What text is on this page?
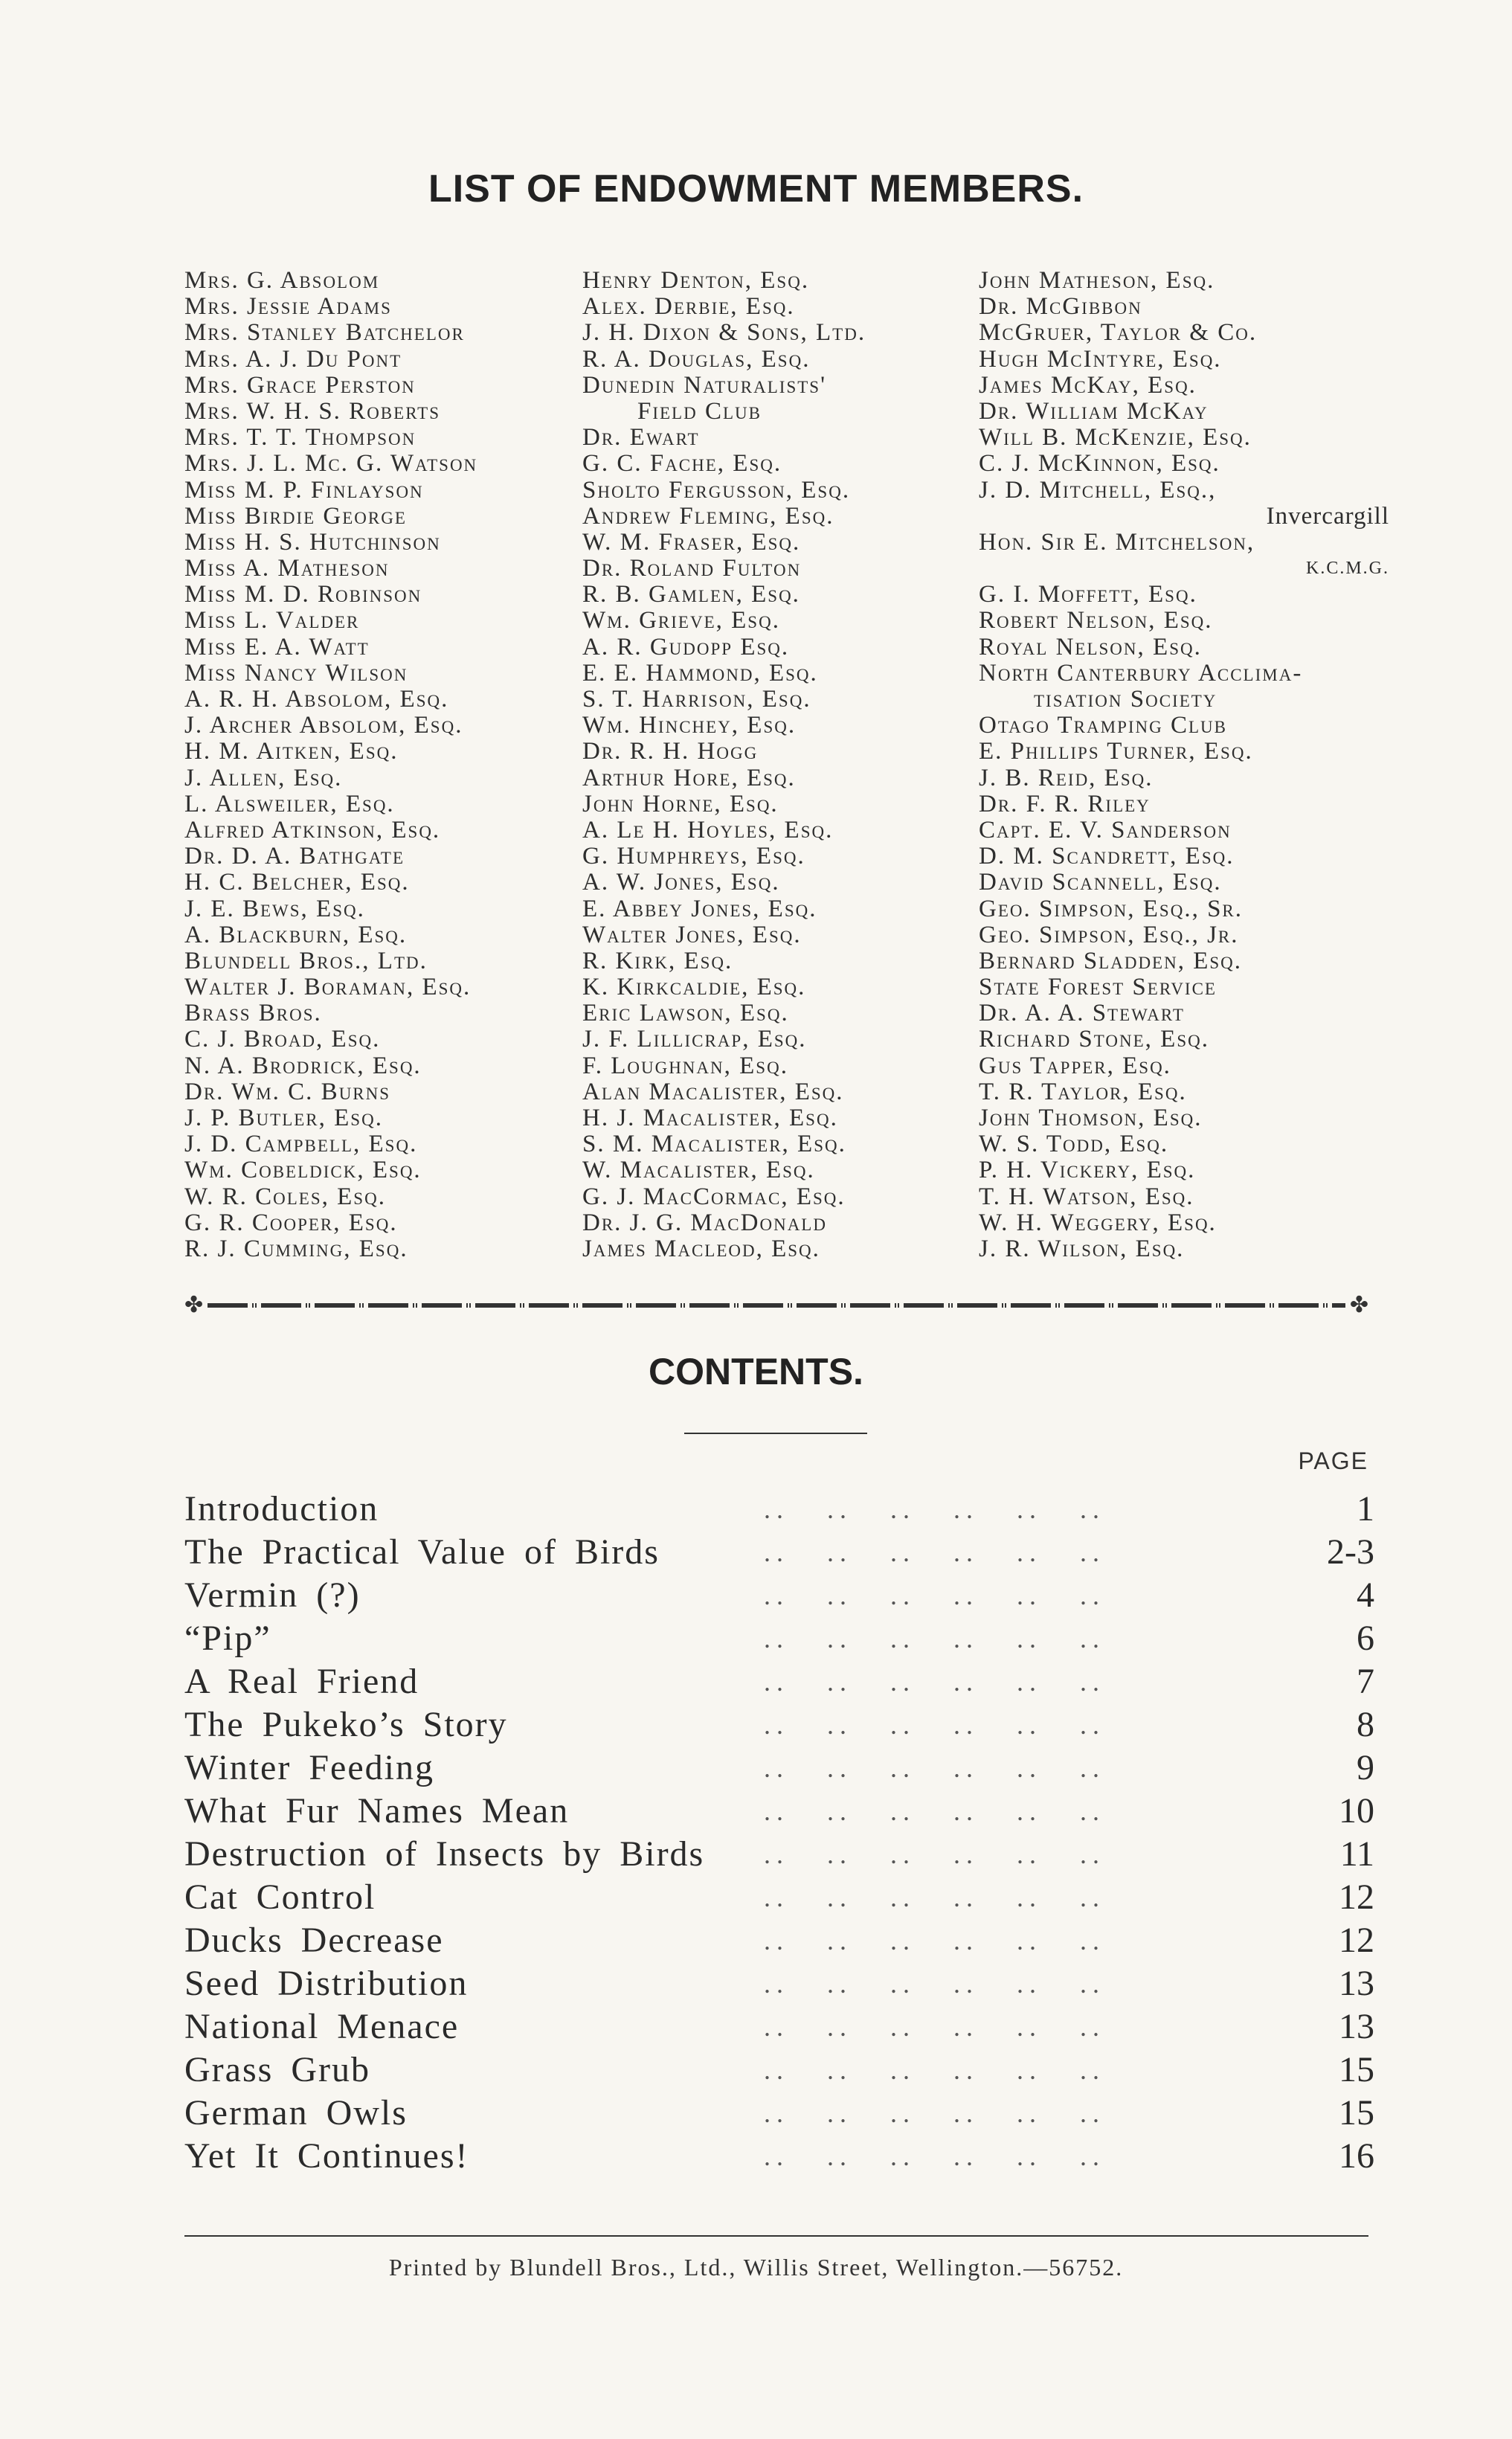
LIST OF ENDOWMENT MEMBERS.
Mrs. G. Absolom
Mrs. Jessie Adams
Mrs. Stanley Batchelor
Mrs. A. J. Du Pont
Mrs. Grace Perston
Mrs. W. H. S. Roberts
Mrs. T. T. Thompson
Mrs. J. L. Mc. G. Watson
Miss M. P. Finlayson
Miss Birdie George
Miss H. S. Hutchinson
Miss A. Matheson
Miss M. D. Robinson
Miss L. Valder
Miss E. A. Watt
Miss Nancy Wilson
A. R. H. Absolom, Esq.
J. Archer Absolom, Esq.
H. M. Aitken, Esq.
J. Allen, Esq.
L. Alsweiler, Esq.
Alfred Atkinson, Esq.
Dr. D. A. Bathgate
H. C. Belcher, Esq.
J. E. Bews, Esq.
A. Blackburn, Esq.
Blundell Bros., Ltd.
Walter J. Boraman, Esq.
Brass Bros.
C. J. Broad, Esq.
N. A. Brodrick, Esq.
Dr. Wm. C. Burns
J. P. Butler, Esq.
J. D. Campbell, Esq.
Wm. Cobeldick, Esq.
W. R. Coles, Esq.
G. R. Cooper, Esq.
R. J. Cumming, Esq.
Henry Denton, Esq.
Alex. Derbie, Esq.
J. H. Dixon & Sons, Ltd.
R. A. Douglas, Esq.
Dunedin Naturalists'
Field Club
Dr. Ewart
G. C. Fache, Esq.
Sholto Fergusson, Esq.
Andrew Fleming, Esq.
W. M. Fraser, Esq.
Dr. Roland Fulton
R. B. Gamlen, Esq.
Wm. Grieve, Esq.
A. R. Gudopp Esq.
E. E. Hammond, Esq.
S. T. Harrison, Esq.
Wm. Hinchey, Esq.
Dr. R. H. Hogg
Arthur Hore, Esq.
John Horne, Esq.
A. Le H. Hoyles, Esq.
G. Humphreys, Esq.
A. W. Jones, Esq.
E. Abbey Jones, Esq.
Walter Jones, Esq.
R. Kirk, Esq.
K. Kirkcaldie, Esq.
Eric Lawson, Esq.
J. F. Lillicrap, Esq.
F. Loughnan, Esq.
Alan Macalister, Esq.
H. J. Macalister, Esq.
S. M. Macalister, Esq.
W. Macalister, Esq.
G. J. MacCormac, Esq.
Dr. J. G. MacDonald
James Macleod, Esq.
John Matheson, Esq.
Dr. McGibbon
McGruer, Taylor & Co.
Hugh McIntyre, Esq.
James McKay, Esq.
Dr. William McKay
Will B. McKenzie, Esq.
C. J. McKinnon, Esq.
J. D. Mitchell, Esq.,
Invercargill
Hon. Sir E. Mitchelson,
K.C.M.G.
G. I. Moffett, Esq.
Robert Nelson, Esq.
Royal Nelson, Esq.
North Canterbury Acclima-
tisation Society
Otago Tramping Club
E. Phillips Turner, Esq.
J. B. Reid, Esq.
Dr. F. R. Riley
Capt. E. V. Sanderson
D. M. Scandrett, Esq.
David Scannell, Esq.
Geo. Simpson, Esq., Sr.
Geo. Simpson, Esq., Jr.
Bernard Sladden, Esq.
State Forest Service
Dr. A. A. Stewart
Richard Stone, Esq.
Gus Tapper, Esq.
T. R. Taylor, Esq.
John Thomson, Esq.
W. S. Todd, Esq.
P. H. Vickery, Esq.
T. H. Watson, Esq.
W. H. Weggery, Esq.
J. R. Wilson, Esq.
✤	✤
CONTENTS.
PAGE
Introduction	..   ..   ..   ..   ..   ..	1
The Practical Value of Birds	..   ..   ..   ..   ..   ..	2-3
Vermin (?)	..   ..   ..   ..   ..   ..	4
“Pip”	..   ..   ..   ..   ..   ..	6
A Real Friend	..   ..   ..   ..   ..   ..	7
The Pukeko’s Story	..   ..   ..   ..   ..   ..	8
Winter Feeding	..   ..   ..   ..   ..   ..	9
What Fur Names Mean	..   ..   ..   ..   ..   ..	10
Destruction of Insects by Birds ..   ..   ..   ..   ..   ..	11
Cat Control	..   ..   ..   ..   ..   ..	12
Ducks Decrease	..   ..   ..   ..   ..   ..	12
Seed Distribution	..   ..   ..   ..   ..   ..	13
National Menace	..   ..   ..   ..   ..   ..	13
Grass Grub	..   ..   ..   ..   ..   ..	15
German Owls	..   ..   ..   ..   ..   ..	15
Yet It Continues!	..   ..   ..   ..   ..   ..	16
Printed by Blundell Bros., Ltd., Willis Street, Wellington.—56752.
